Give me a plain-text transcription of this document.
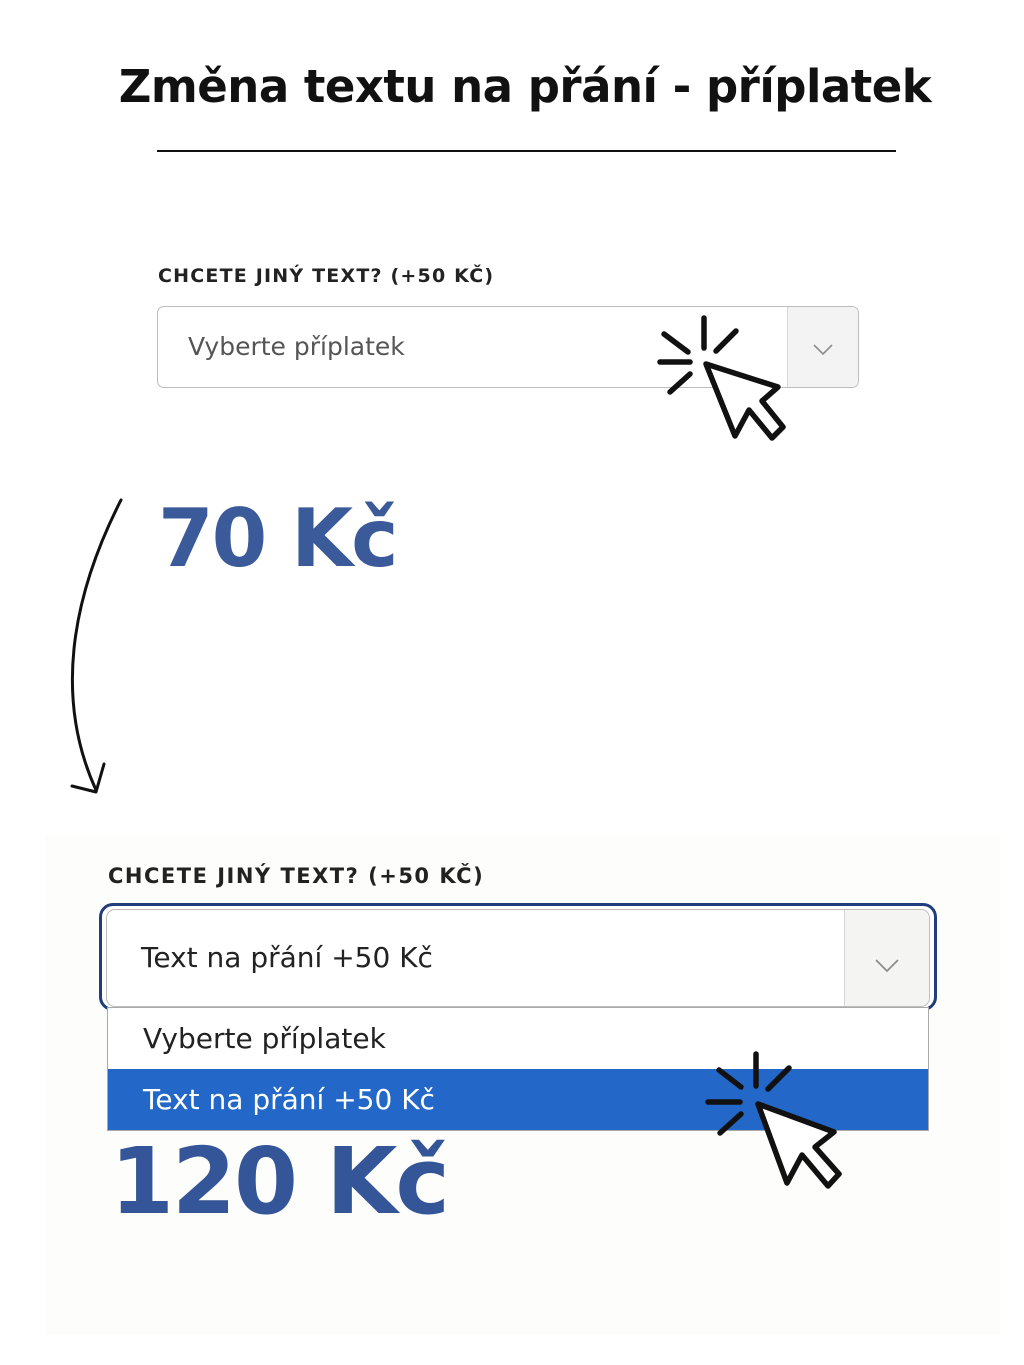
Změna textu na přání - příplatek
CHCETE JINÝ TEXT? (+50 KČ)
Vyberte příplatek
70 Kč
CHCETE JINÝ TEXT? (+50 KČ)
Text na přání +50 Kč
Vyberte příplatek
Text na přání +50 Kč
120 Kč
